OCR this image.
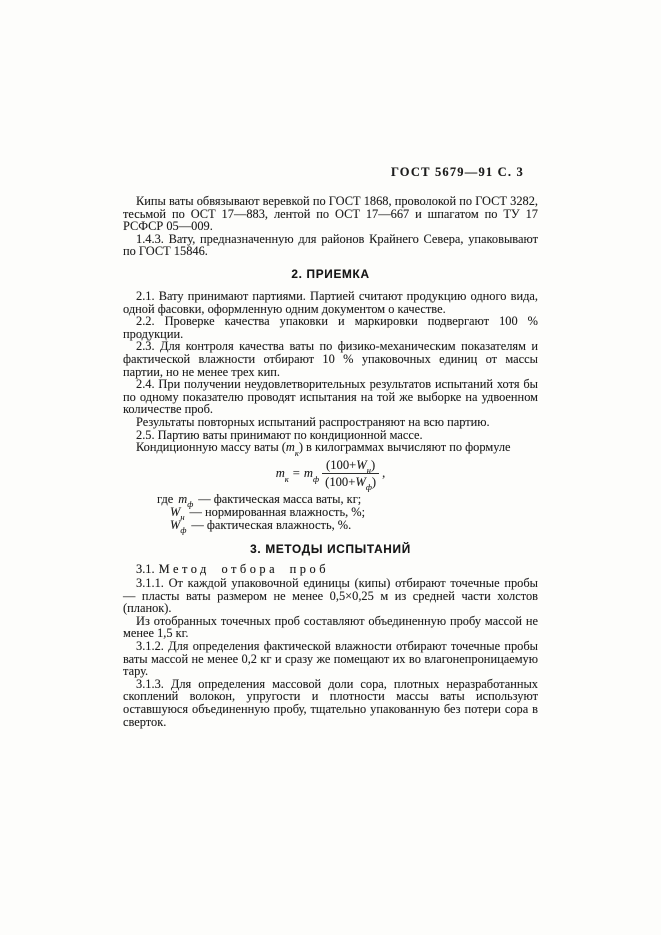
ГОСТ 5679—91 С. 3

Кипы ваты обвязывают веревкой по ГОСТ 1868, проволокой по ГОСТ 3282, тесьмой по ОСТ 17—883, лентой по ОСТ 17—667 и шпагатом по ТУ 17 РСФСР 05—009.

1.4.3. Вату, предназначенную для районов Крайнего Севера, упаковывают по ГОСТ 15846.

2. ПРИЕМКА

2.1. Вату принимают партиями. Партией считают продукцию одного вида, одной фасовки, оформленную одним документом о качестве.

2.2. Проверке качества упаковки и маркировки подвергают 100 % продукции.

2.3. Для контроля качества ваты по физико-механическим показателям и фактической влажности отбирают 10 % упаковочных единиц от массы партии, но не менее трех кип.

2.4. При получении неудовлетворительных результатов испытаний хотя бы по одному показателю проводят испытания на той же выборке на удвоенном количестве проб.

Результаты повторных испытаний распространяют на всю партию.

2.5. Партию ваты принимают по кондиционной массе.

Кондиционную массу ваты $(m_к)$ в килограммах вычисляют по формуле

$m_к = m_ф \frac{(100+W_н)}{(100+W_ф)}$ ,
где $m_ф$ — фактическая масса ваты, кг;
$W_н$ — нормированная влажность, %;
$W_ф$ — фактическая влажность, %.
3. МЕТОДЫ ИСПЫТАНИЙ

3.1. Метод отбора проб

3.1.1. От каждой упаковочной единицы (кипы) отбирают точечные пробы — пласты ваты размером не менее 0,5×0,25 м из средней части холстов (планок).

Из отобранных точечных проб составляют объединенную пробу массой не менее 1,5 кг.

3.1.2. Для определения фактической влажности отбирают точечные пробы ваты массой не менее 0,2 кг и сразу же помещают их во влагонепроницаемую тару.

3.1.3. Для определения массовой доли сора, плотных неразработанных скоплений волокон, упругости и плотности массы ваты используют оставшуюся объединенную пробу, тщательно упакованную без потери сора в сверток.
